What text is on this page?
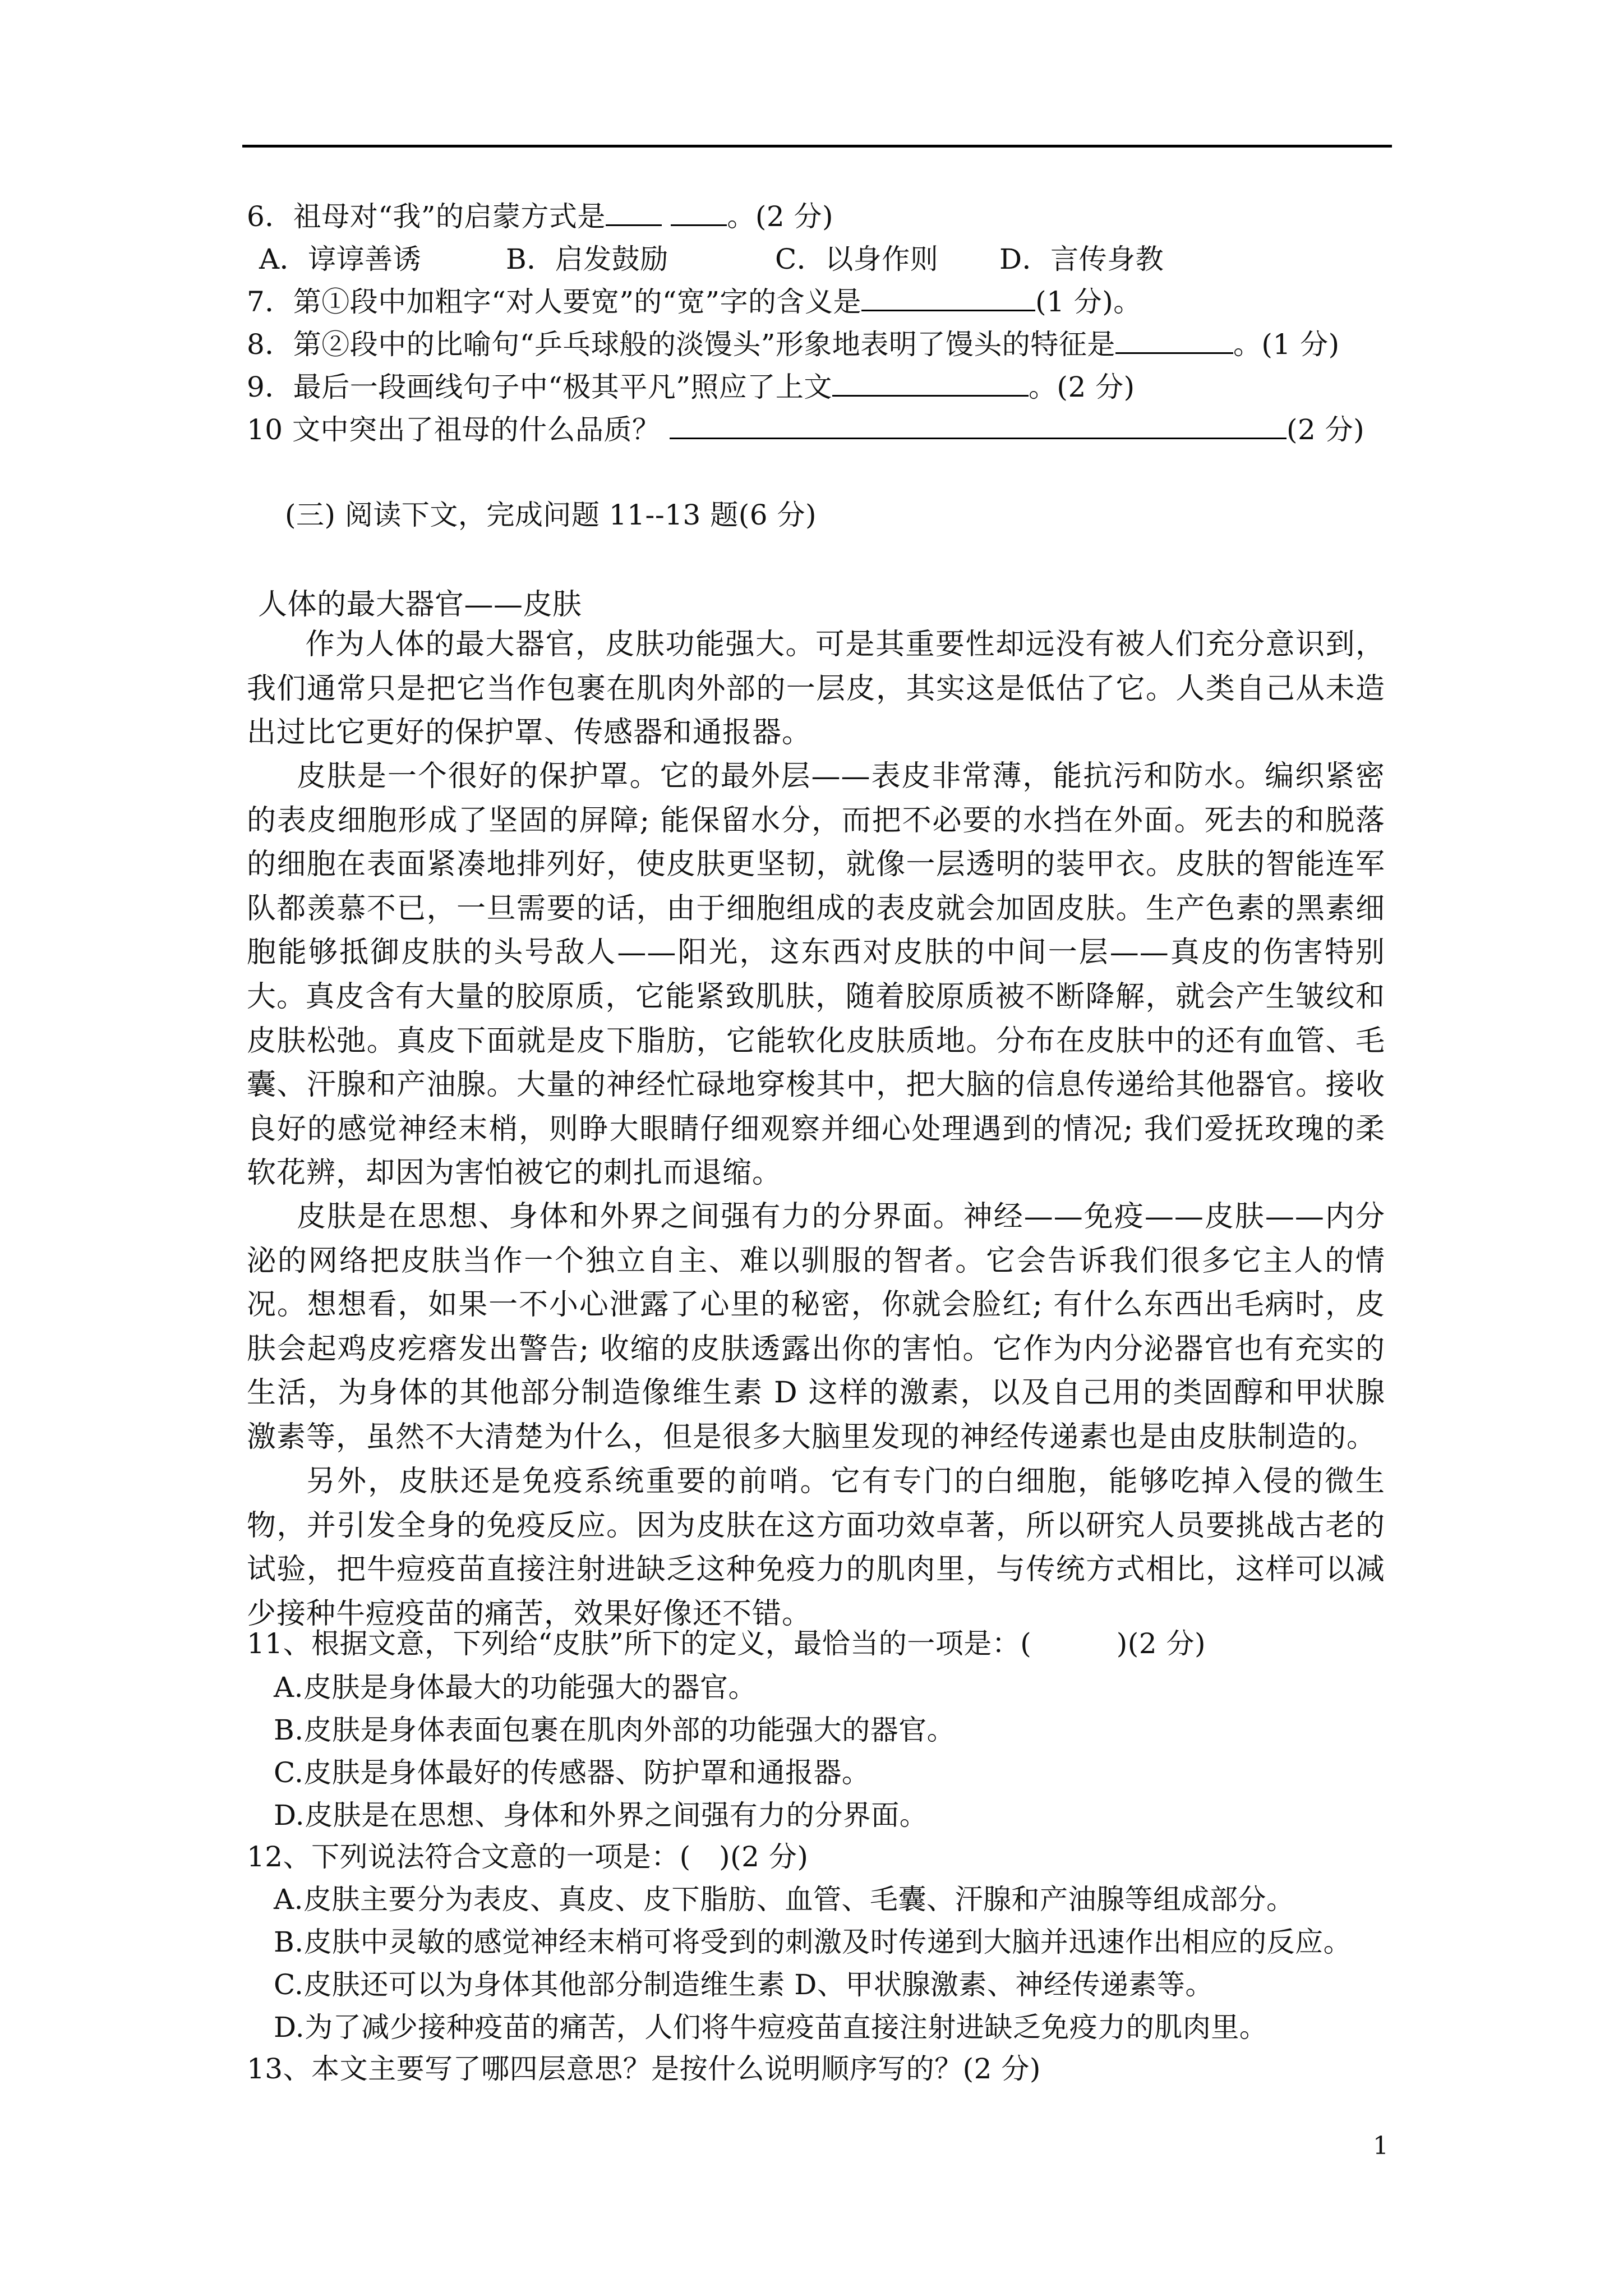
6．祖母对“我”的启蒙方式是	。(2 分)
A．谆谆善诱	B．启发鼓励	C．以身作则 D．言传身教
7．第①段中加粗字“对人要宽”的“宽”字的含义是	(1 分)。
8．第②段中的比喻句“乒乓球般的淡馒头”形象地表明了馒头的特征是	。(1 分)
9．最后一段画线句子中“极其平凡”照应了上文	。(2 分)
10 文中突出了祖母的什么品质？	(2 分)
(三) 阅读下文，完成问题 11--13 题(6 分)
人体的最大器官——皮肤
作为人体的最大器官，皮肤功能强大。可是其重要性却远没有被人们充分意识到，我们通常只是把它当作包裹在肌肉外部的一层皮，其实这是低估了它。人类自己从未造出过比它更好的保护罩、传感器和通报器。
皮肤是一个很好的保护罩。它的最外层——表皮非常薄，能抗污和防水。编织紧密的表皮细胞形成了坚固的屏障; 能保留水分，而把不必要的水挡在外面。死去的和脱落的细胞在表面紧凑地排列好，使皮肤更坚韧，就像一层透明的装甲衣。皮肤的智能连军队都羡慕不已，一旦需要的话，由于细胞组成的表皮就会加固皮肤。生产色素的黑素细胞能够抵御皮肤的头号敌人——阳光，这东西对皮肤的中间一层——真皮的伤害特别大。
真皮含有大量的胶原质，它能紧致肌肤，随着胶原质被不断降解，就会产生皱纹和皮肤松弛。真皮下面就是皮下脂肪，它能软化皮肤质地。分布在皮肤中的还有血管、毛囊、汗腺和产油腺。大量的神经忙碌地穿梭其中，把大脑的信息传递给其他器官。接收良好的感觉神经末梢，则睁大眼睛仔细观察并细心处理遇到的情况; 我们爱抚玫瑰的柔软花辨，却因为害怕被它的刺扎而退缩。
皮肤是在思想、身体和外界之间强有力的分界面。神经——免疫——皮肤——内分泌的网络把皮肤当作一个独立自主、难以驯服的智者。它会告诉我们很多它主人的情况。想想看，如果一不小心泄露了心里的秘密，你就会脸红; 有什么东西出毛病时，皮肤会起鸡皮疙瘩发出警告; 收缩的皮肤透露出你的害怕。它作为内分泌器官也有充实的生活，为身体的其他部分制造像维生素 D 这样的激素，以及自己用的类固醇和甲状腺激素等，虽然不大清楚为什么，但是很多大脑里发现的神经传递素也是由皮肤制造的。
另外，皮肤还是免疫系统重要的前哨。它有专门的白细胞，能够吃掉入侵的微生物，并引发全身的免疫反应。因为皮肤在这方面功效卓著，所以研究人员要挑战古老的试验，把牛痘疫苗直接注射进缺乏这种免疫力的肌肉里，与传统方式相比，这样可以减少接种牛痘疫苗的痛苦，效果好像还不错。
11、根据文意，下列给“皮肤”所下的定义，最恰当的一项是：(　　　)(2 分)
A.皮肤是身体最大的功能强大的器官。
B.皮肤是身体表面包裹在肌肉外部的功能强大的器官。
C.皮肤是身体最好的传感器、防护罩和通报器。
D.皮肤是在思想、身体和外界之间强有力的分界面。
12、下列说法符合文意的一项是：(　)(2 分)
A.皮肤主要分为表皮、真皮、皮下脂肪、血管、毛囊、汗腺和产油腺等组成部分。
B.皮肤中灵敏的感觉神经末梢可将受到的刺激及时传递到大脑并迅速作出相应的反应。
C.皮肤还可以为身体其他部分制造维生素 D、甲状腺激素、神经传递素等。
D.为了减少接种疫苗的痛苦，人们将牛痘疫苗直接注射进缺乏免疫力的肌肉里。
13、本文主要写了哪四层意思？是按什么说明顺序写的？(2 分)
1
